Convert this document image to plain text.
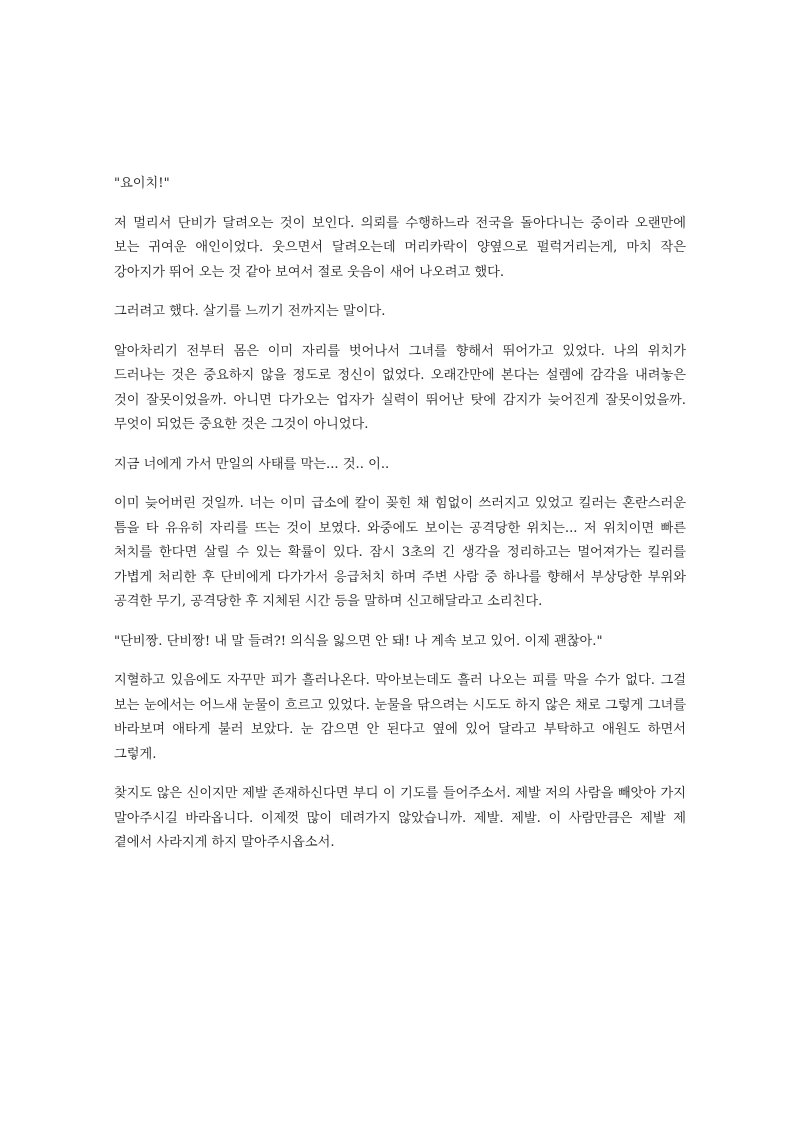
"요이치!"

저 멀리서 단비가 달려오는 것이 보인다. 의뢰를 수행하느라 전국을 돌아다니는 중이라 오랜만에 보는 귀여운 애인이었다. 웃으면서 달려오는데 머리카락이 양옆으로 펄럭거리는게, 마치 작은 강아지가 뛰어 오는 것 같아 보여서 절로 웃음이 새어 나오려고 했다.

그러려고 했다. 살기를 느끼기 전까지는 말이다.

알아차리기 전부터 몸은 이미 자리를 벗어나서 그녀를 향해서 뛰어가고 있었다. 나의 위치가 드러나는 것은 중요하지 않을 정도로 정신이 없었다. 오래간만에 본다는 설렘에 감각을 내려놓은 것이 잘못이었을까. 아니면 다가오는 업자가 실력이 뛰어난 탓에 감지가 늦어진게 잘못이었을까. 무엇이 되었든 중요한 것은 그것이 아니었다.

지금 너에게 가서 만일의 사태를 막는... 것.. 이..

이미 늦어버린 것일까. 너는 이미 급소에 칼이 꽂힌 채 힘없이 쓰러지고 있었고 킬러는 혼란스러운 틈을 타 유유히 자리를 뜨는 것이 보였다. 와중에도 보이는 공격당한 위치는... 저 위치이면 빠른 처치를 한다면 살릴 수 있는 확률이 있다. 잠시 3초의 긴 생각을 정리하고는 멀어져가는 킬러를 가볍게 처리한 후 단비에게 다가가서 응급처치 하며 주변 사람 중 하나를 향해서 부상당한 부위와 공격한 무기, 공격당한 후 지체된 시간 등을 말하며 신고해달라고 소리친다.

"단비짱. 단비짱! 내 말 들려?! 의식을 잃으면 안 돼! 나 계속 보고 있어. 이제 괜찮아."

지혈하고 있음에도 자꾸만 피가 흘러나온다. 막아보는데도 흘러 나오는 피를 막을 수가 없다. 그걸 보는 눈에서는 어느새 눈물이 흐르고 있었다. 눈물을 닦으려는 시도도 하지 않은 채로 그렇게 그녀를 바라보며 애타게 불러 보았다. 눈 감으면 안 된다고 옆에 있어 달라고 부탁하고 애원도 하면서 그렇게.

찾지도 않은 신이지만 제발 존재하신다면 부디 이 기도를 들어주소서. 제발 저의 사람을 빼앗아 가지 말아주시길 바라옵니다. 이제껏 많이 데려가지 않았습니까. 제발. 제발. 이 사람만큼은 제발 제 곁에서 사라지게 하지 말아주시옵소서.
